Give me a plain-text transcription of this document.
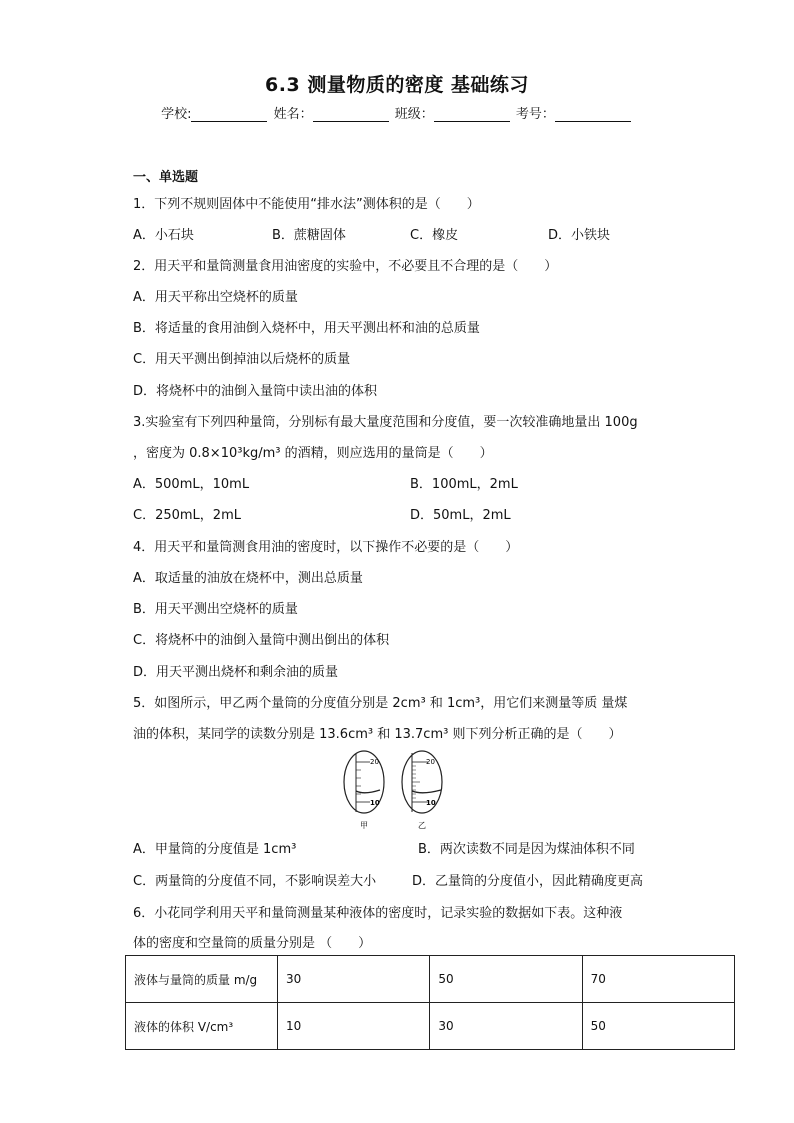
6.3 测量物质的密度 基础练习
学校:	姓名：	班级：	考号：
一、单选题
1．下列不规则固体中不能使用“排水法”测体积的是（　　）
A．小石块	B．蔗糖固体	C．橡皮	D．小铁块
2．用天平和量筒测量食用油密度的实验中，不必要且不合理的是（　　）
A．用天平称出空烧杯的质量
B．将适量的食用油倒入烧杯中，用天平测出杯和油的总质量
C．用天平测出倒掉油以后烧杯的质量
D．将烧杯中的油倒入量筒中读出油的体积
3.实验室有下列四种量筒，分别标有最大量度范围和分度值，要一次较准确地量出 100g
，密度为 0.8×10³kg/m³ 的酒精，则应选用的量筒是（　　）
A．500mL，10mL	B．100mL，2mL
C．250mL，2mL	D．50mL，2mL
4．用天平和量筒测食用油的密度时，以下操作不必要的是（　　）
A．取适量的油放在烧杯中，测出总质量
B．用天平测出空烧杯的质量
C．将烧杯中的油倒入量筒中测出倒出的体积
D．用天平测出烧杯和剩余油的质量
5．如图所示，甲乙两个量筒的分度值分别是 2cm³ 和 1cm³，用它们来测量等质 量煤
油的体积，某同学的读数分别是 13.6cm³ 和 13.7cm³ 则下列分析正确的是（　　）
20
10
甲
20
10
乙
A．甲量筒的分度值是 1cm³	B．两次读数不同是因为煤油体积不同
C．两量筒的分度值不同，不影响误差大小	D．乙量筒的分度值小，因此精确度更高
6．小花同学利用天平和量筒测量某种液体的密度时，记录实验的数据如下表。这种液
体的密度和空量筒的质量分别是 （　　）
液体与量筒的质量 m/g	30	50	70
液体的体积 V/cm³	10	30	50
